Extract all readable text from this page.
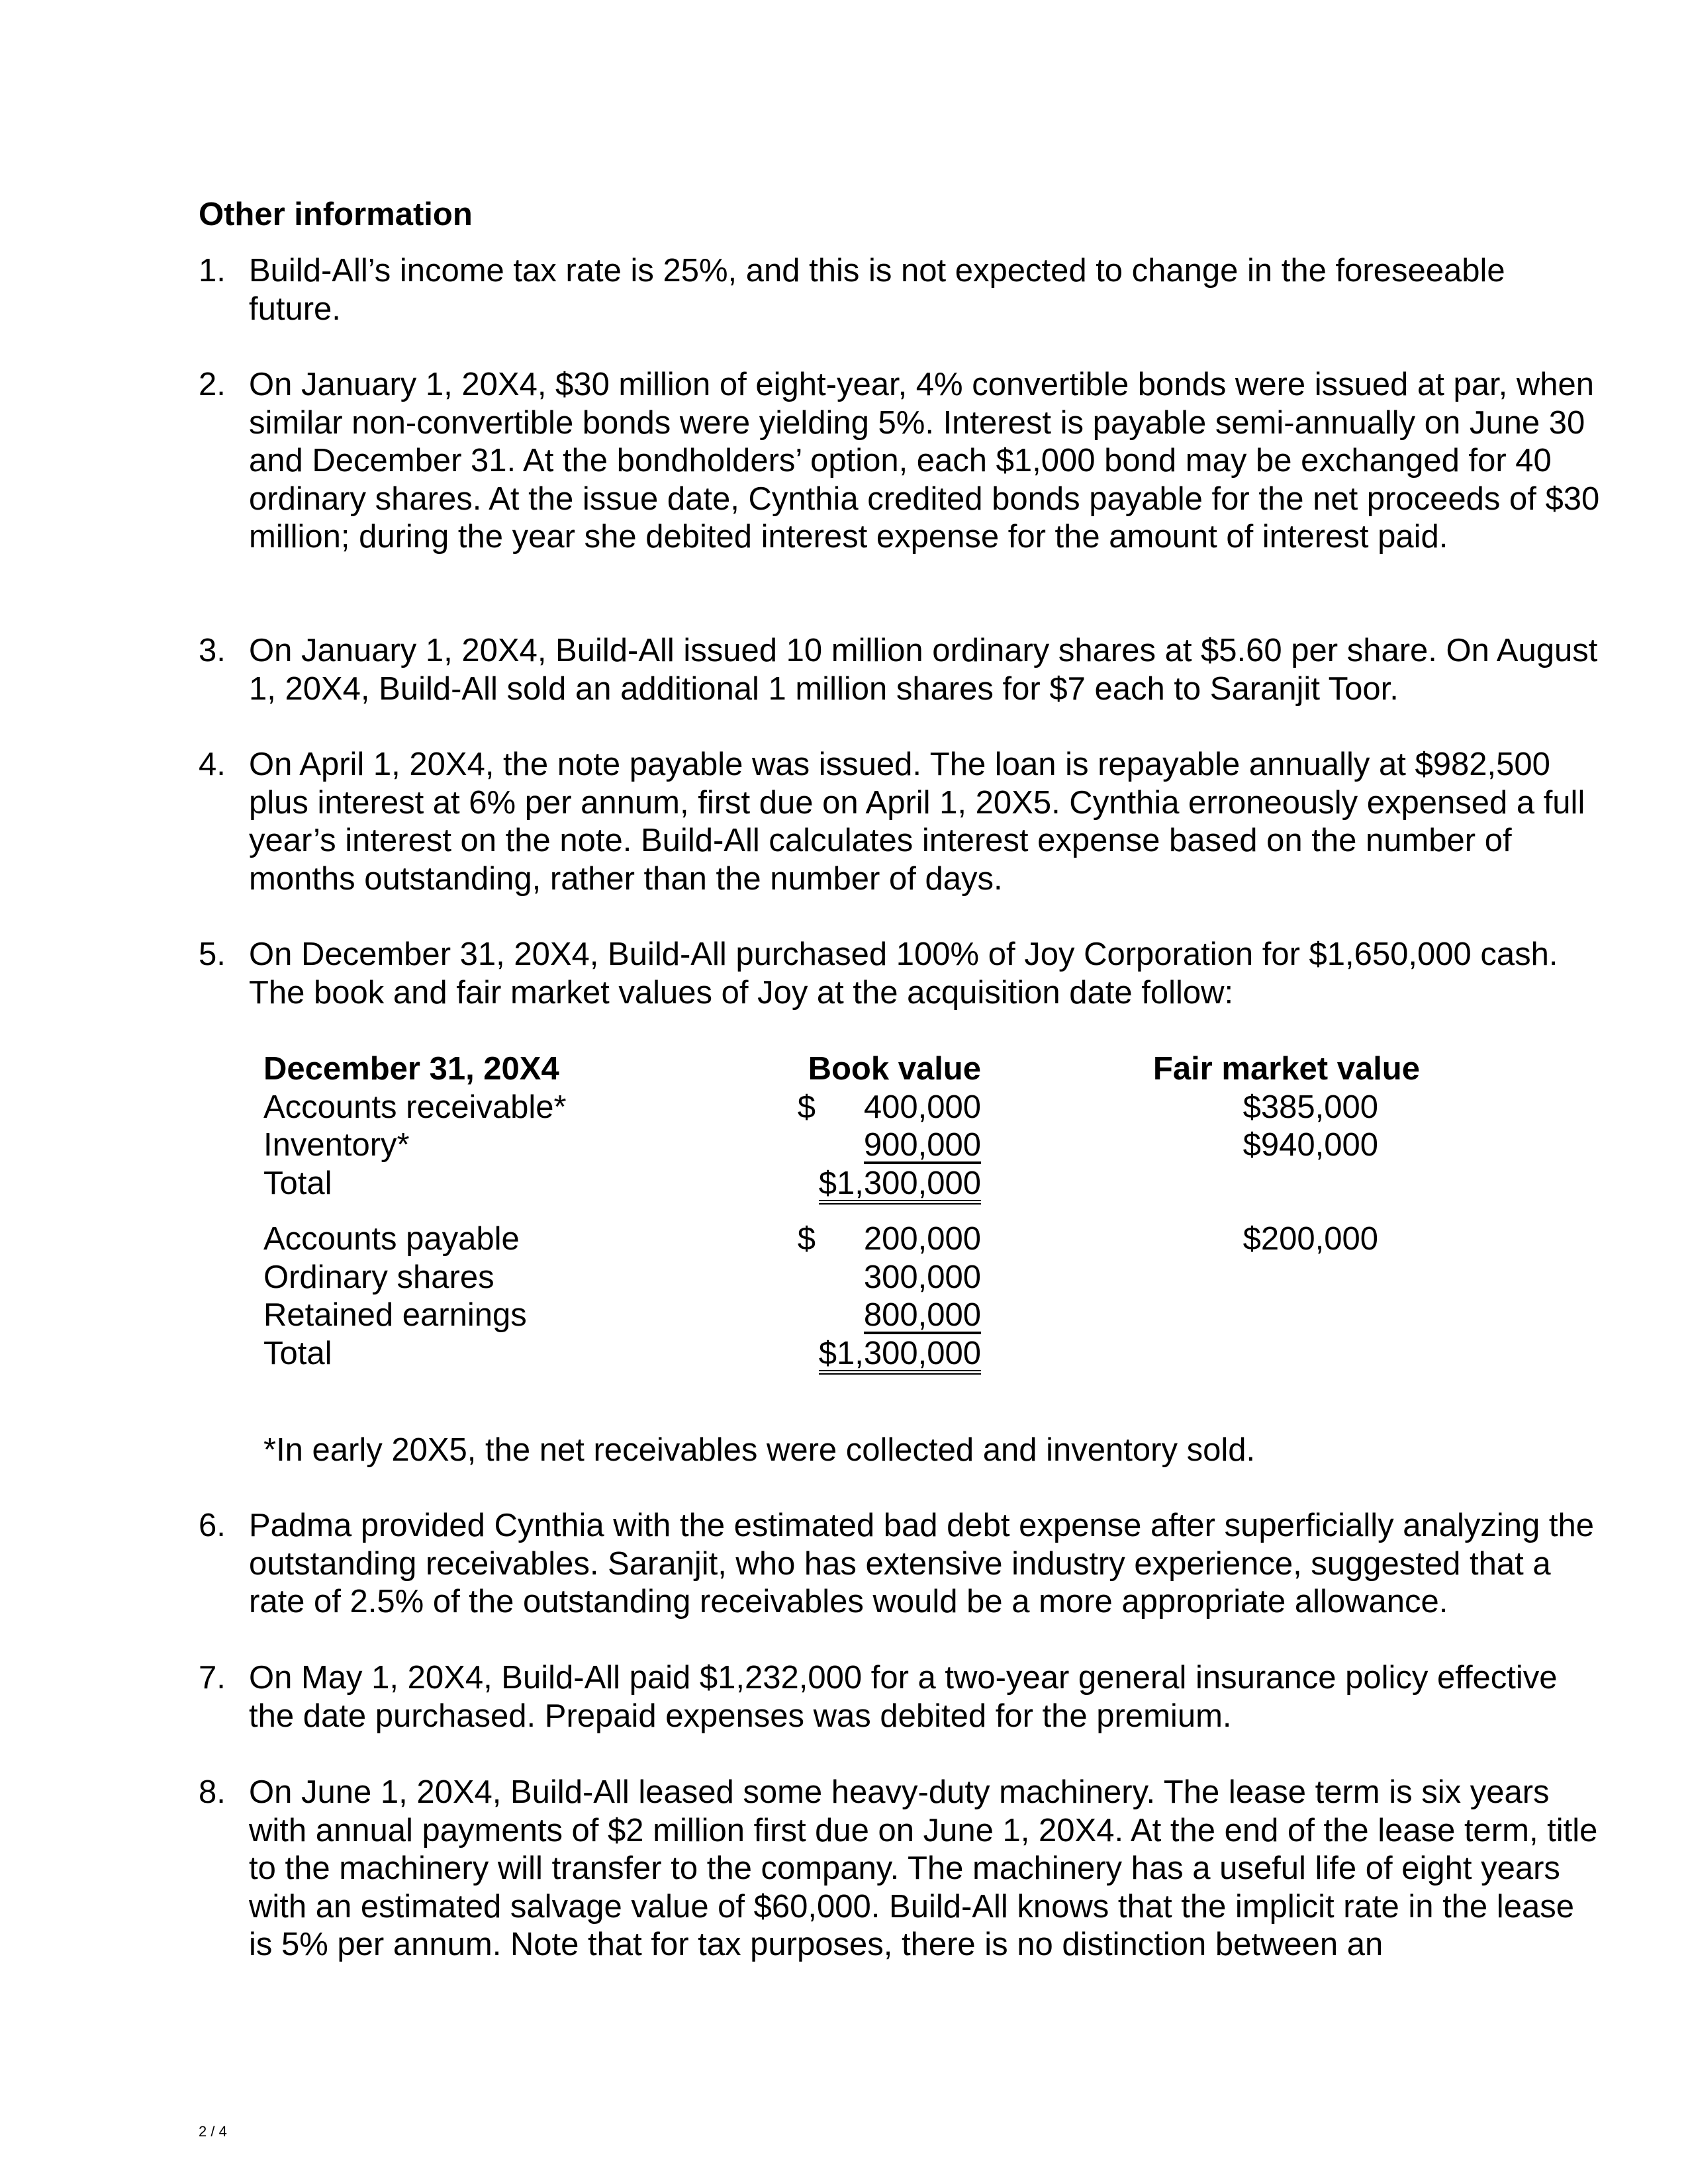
Other information
1. Build-All’s income tax rate is 25%, and this is not expected to change in the foreseeable future.
2. On January 1, 20X4, $30 million of eight-year, 4% convertible bonds were issued at par, when similar non-convertible bonds were yielding 5%. Interest is payable semi-annually on June 30 and December 31. At the bondholders’ option, each $1,000 bond may be exchanged for 40 ordinary shares. At the issue date, Cynthia credited bonds payable for the net proceeds of $30 million; during the year she debited interest expense for the amount of interest paid.
3. On January 1, 20X4, Build-All issued 10 million ordinary shares at $5.60 per share. On August 1, 20X4, Build-All sold an additional 1 million shares for $7 each to Saranjit Toor.
4. On April 1, 20X4, the note payable was issued. The loan is repayable annually at $982,500 plus interest at 6% per annum, first due on April 1, 20X5. Cynthia erroneously expensed a full year’s interest on the note. Build-All calculates interest expense based on the number of months outstanding, rather than the number of days.
5. On December 31, 20X4, Build-All purchased 100% of Joy Corporation for $1,650,000 cash. The book and fair market values of Joy at the acquisition date follow:
December 31, 20X4	Book value	Fair market value
Accounts receivable*	$ 400,000	$385,000
Inventory*	900,000	$940,000
Total	$1,300,000
Accounts payable	$ 200,000	$200,000
Ordinary shares	300,000
Retained earnings	800,000
Total	$1,300,000
*In early 20X5, the net receivables were collected and inventory sold.
6. Padma provided Cynthia with the estimated bad debt expense after superficially analyzing the outstanding receivables. Saranjit, who has extensive industry experience, suggested that a rate of 2.5% of the outstanding receivables would be a more appropriate allowance.
7. On May 1, 20X4, Build-All paid $1,232,000 for a two-year general insurance policy effective the date purchased. Prepaid expenses was debited for the premium.
8. On June 1, 20X4, Build-All leased some heavy-duty machinery. The lease term is six years with annual payments of $2 million first due on June 1, 20X4. At the end of the lease term, title to the machinery will transfer to the company. The machinery has a useful life of eight years with an estimated salvage value of $60,000. Build-All knows that the implicit rate in the lease is 5% per annum. Note that for tax purposes, there is no distinction between an
2 / 4
